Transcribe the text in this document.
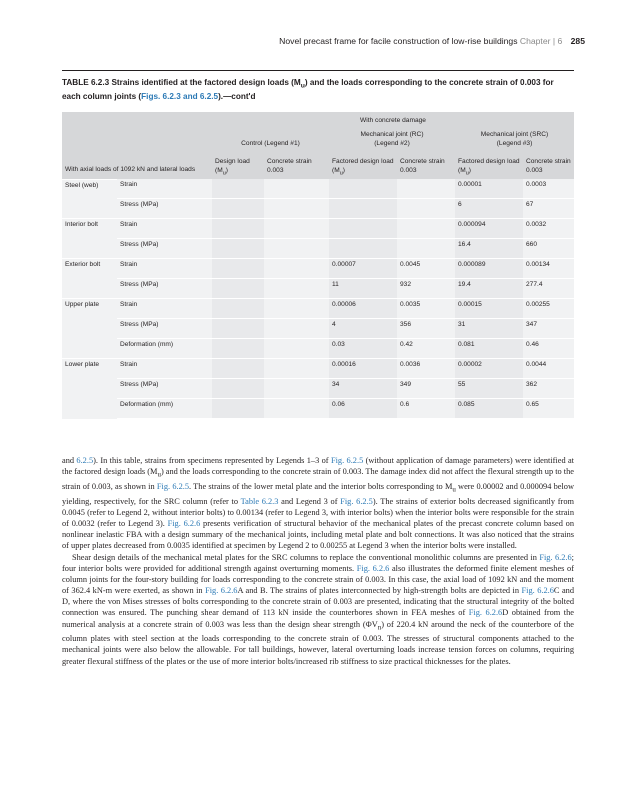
Novel precast frame for facile construction of low-rise buildings Chapter | 6 285
TABLE 6.2.3 Strains identified at the factored design loads $(M_u)$ and the loads corresponding to the concrete strain of 0.003 for each column joints (Figs. 6.2.3 and 6.2.5).—cont'd
		With concrete damage					
		Control (Legend #1)		Mechanical joint (RC) (Legend #2)		Mechanical joint (SRC) (Legend #3)	
With axial loads of 1092 kN and lateral loads		Design load $(M_u)$	Concrete strain 0.003	Factored design load $(M_u)$	Concrete strain 0.003	Factored design load $(M_u)$	Concrete strain 0.003
Steel (web)	Strain					0.00001	0.0003
	Stress (MPa)					6	67
Interior bolt	Strain					0.000094	0.0032
	Stress (MPa)					16.4	660
Exterior bolt	Strain			0.00007	0.0045	0.000089	0.00134
	Stress (MPa)			11	932	19.4	277.4
Upper plate	Strain			0.00006	0.0035	0.00015	0.00255
	Stress (MPa)			4	356	31	347
	Deformation (mm)			0.03	0.42	0.081	0.46
Lower plate	Strain			0.00016	0.0036	0.00002	0.0044
	Stress (MPa)			34	349	55	362
	Deformation (mm)			0.06	0.6	0.085	0.65

and 6.2.5). In this table, strains from specimens represented by Legends 1–3 of Fig. 6.2.5 (without application of damage parameters) were identified at the factored design loads $(M_u)$ and the loads corresponding to the concrete strain of 0.003. The damage index did not affect the flexural strength up to the strain of 0.003, as shown in Fig. 6.2.5. The strains of the lower metal plate and the interior bolts corresponding to $M_u$ were 0.00002 and 0.000094 below yielding, respectively, for the SRC column (refer to Table 6.2.3 and Legend 3 of Fig. 6.2.5). The strains of exterior bolts decreased significantly from 0.0045 (refer to Legend 2, without interior bolts) to 0.00134 (refer to Legend 3, with interior bolts) when the interior bolts were responsible for the strain of 0.0032 (refer to Legend 3). Fig. 6.2.6 presents verification of structural behavior of the mechanical plates of the precast concrete column based on nonlinear inelastic FBA with a design summary of the mechanical joints, including metal plate and bolt connections. It was also noticed that the strains of upper plates decreased from 0.0035 identified at specimen by Legend 2 to 0.00255 at Legend 3 when the interior bolts were installed.

Shear design details of the mechanical metal plates for the SRC columns to replace the conventional monolithic columns are presented in Fig. 6.2.6; four interior bolts were provided for additional strength against overturning moments. Fig. 6.2.6 also illustrates the deformed finite element meshes of column joints for the four-story building for loads corresponding to the concrete strain of 0.003. In this case, the axial load of 1092 kN and the moment of 362.4 kN-m were exerted, as shown in Fig. 6.2.6A and B. The strains of plates interconnected by high-strength bolts are depicted in Fig. 6.2.6C and D, where the von Mises stresses of bolts corresponding to the concrete strain of 0.003 are presented, indicating that the structural integrity of the bolted connection was ensured. The punching shear demand of 113 kN inside the counterbores shown in FEA meshes of Fig. 6.2.6D obtained from the numerical analysis at a concrete strain of 0.003 was less than the design shear strength $(\Phi V_n)$ of 220.4 kN around the neck of the counterbore of the column plates with steel section at the loads corresponding to the concrete strain of 0.003. The stresses of structural components attached to the mechanical joints were also below the allowable. For tall buildings, however, lateral overturning loads increase tension forces on columns, requiring greater flexural stiffness of the plates or the use of more interior bolts/increased rib stiffness to size practical thicknesses for the plates.
